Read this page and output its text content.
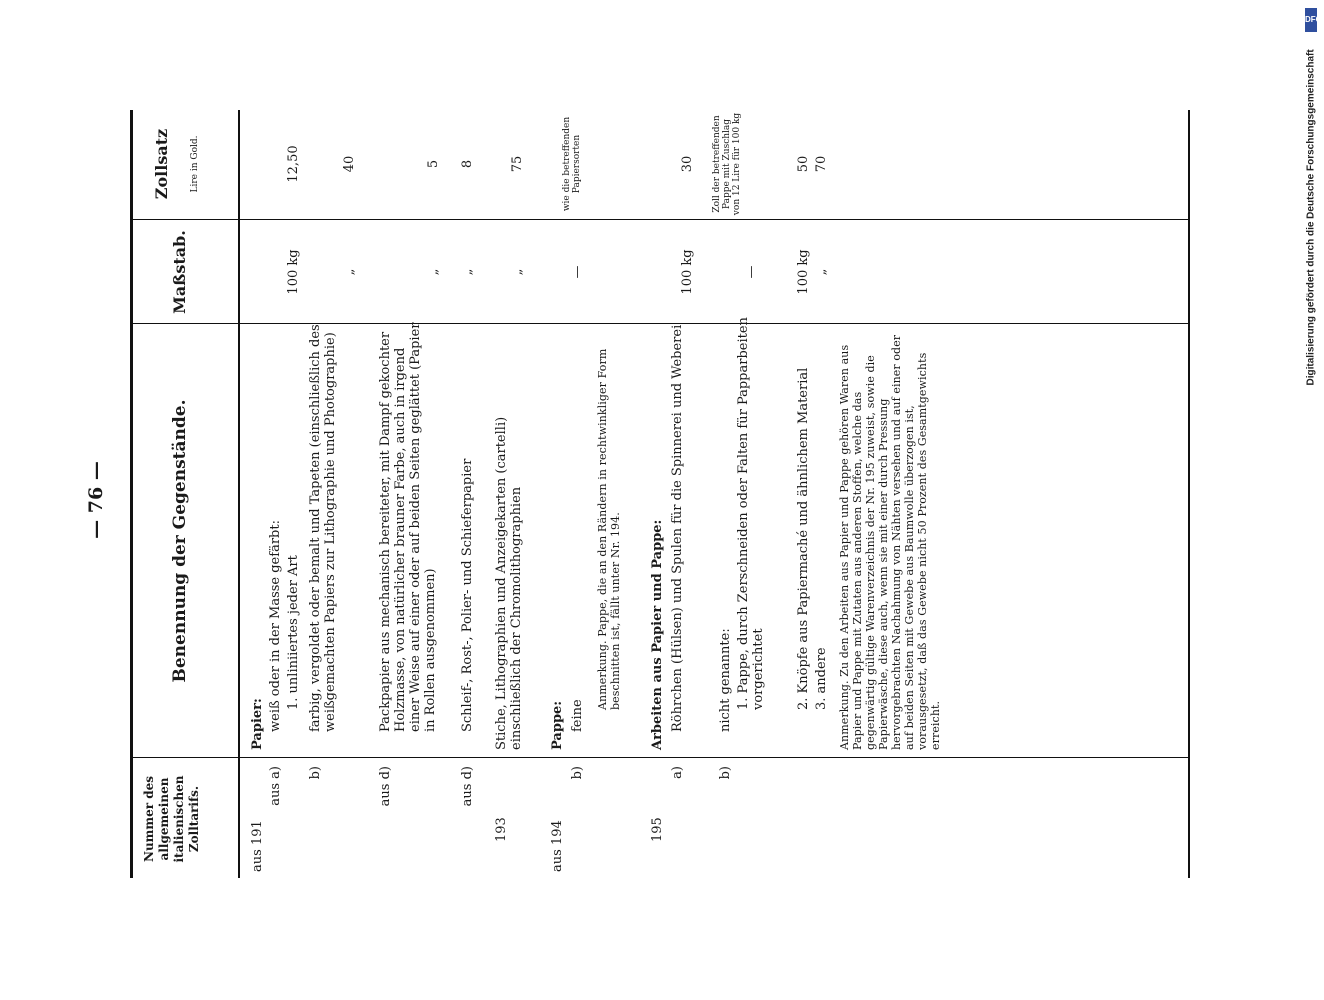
— 76 —
Nummer des allgemeinen italienischen Zolltarifs.
Benennung der Gegenstände.
Maßstab.
Zollsatz Lire in Gold.
aus 191
Papier:
aus a)
weiß oder in der Masse gefärbt: 1. unliniiertes jeder Art
100 kg
12,50
b)
farbig, vergoldet oder bemalt und Tapeten (einschließlich des weißgemachten Papiers zur Lithographie und Photographie)
„
40
aus d)
Packpapier aus mechanisch bereiteter, mit Dampf gekochter Holzmasse, von natürlicher brauner Farbe, auch in irgend einer Weise auf einer oder auf beiden Seiten geglättet (Papier in Rollen ausgenommen)
„
5
aus d)
Schleif-, Rost-, Polier- und Schieferpapier
„
8
193
Stiche, Lithographien und Anzeigekarten (cartelli) einschließlich der Chromolithographien
„
75
aus 194
Pappe:
b)
feine
—
wie die betreffenden Papiersorten
Anmerkung. Pappe, die an den Rändern in rechtwinkliger Form beschnitten ist, fällt unter Nr. 194.
195
Arbeiten aus Papier und Pappe:
a)
Röhrchen (Hülsen) und Spulen für die Spinnerei und Weberei
100 kg
30
b)
nicht genannte: 1. Pappe, durch Zerschneiden oder Falten für Papparbeiten vorgerichtet
—
Zoll der betreffenden Pappe mit Zuschlag von 12 Lire für 100 kg
2. Knöpfe aus Papiermaché und ähnlichem Material
100 kg
50
3. andere
„
70
Anmerkung. Zu den Arbeiten aus Papier und Pappe gehören Waren aus Papier und Pappe mit Zutaten aus anderen Stoffen, welche das gegenwärtig gültige Warenverzeichnis der Nr. 195 zuweist, sowie die Papierwäsche, diese auch, wenn sie mit einer durch Pressung hervorgebrachten Nachahmung von Nähten versehen und auf einer oder auf beiden Seiten mit Gewebe aus Baumwolle überzogen ist, vorausgesetzt, daß das Gewebe nicht 50 Prozent des Gesamtgewichts erreicht.
DFG
Digitalisierung gefördert durch die Deutsche Forschungsgemeinschaft
